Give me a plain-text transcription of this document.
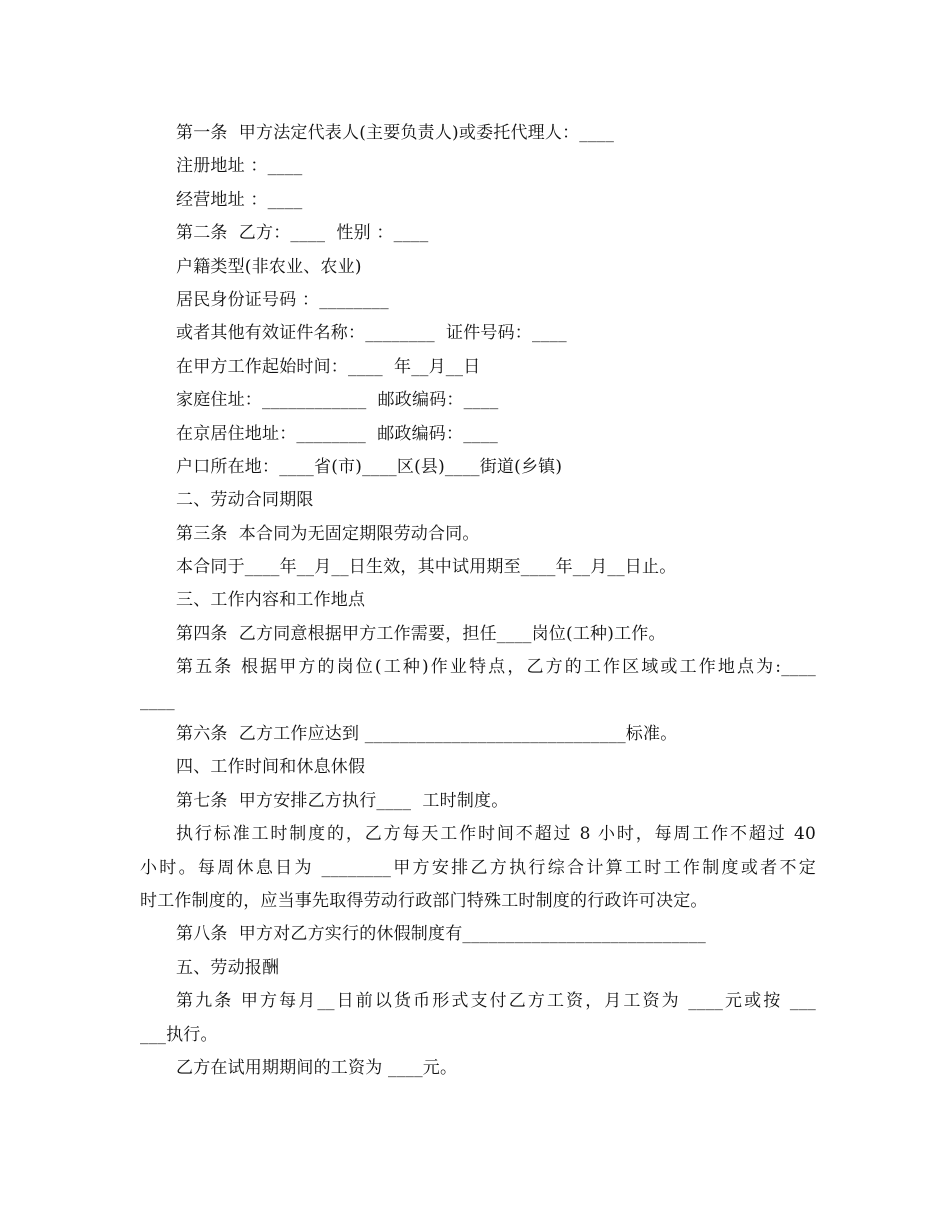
第一条  甲方法定代表人(主要负责人)或委托代理人：____
注册地址 ：____
经营地址 ：____
第二条  乙方：____  性别 ：____
户籍类型(非农业、农业)
居民身份证号码 ：________
或者其他有效证件名称：________  证件号码：____
在甲方工作起始时间：____  年__月__日
家庭住址：____________  邮政编码：____
在京居住地址：________  邮政编码：____
户口所在地：____省(市)____区(县)____街道(乡镇)
二、劳动合同期限
第三条  本合同为无固定期限劳动合同。
本合同于____年__月__日生效，其中试用期至____年__月__日止。
三、工作内容和工作地点
第四条  乙方同意根据甲方工作需要，担任____岗位(工种)工作。
第五条 根据甲方的岗位(工种)作业特点，乙方的工作区域或工作地点为:____
____
第六条  乙方工作应达到 ______________________________标准。
四、工作时间和休息休假
第七条  甲方安排乙方执行____  工时制度。
执行标准工时制度的，乙方每天工作时间不超过 8 小时，每周工作不超过 40
小时。每周休息日为 ________甲方安排乙方执行综合计算工时工作制度或者不定
时工作制度的，应当事先取得劳动行政部门特殊工时制度的行政许可决定。
第八条  甲方对乙方实行的休假制度有____________________________
五、劳动报酬
第九条 甲方每月__日前以货币形式支付乙方工资，月工资为 ____元或按 ___
___执行。
乙方在试用期期间的工资为 ____元。
